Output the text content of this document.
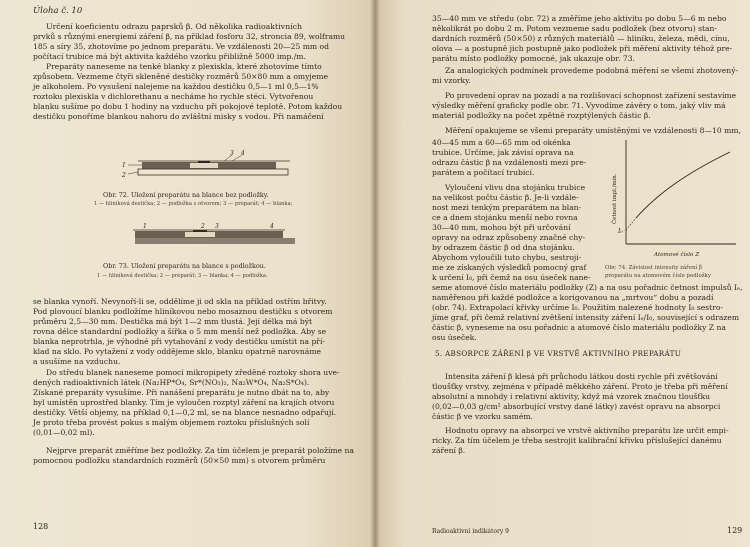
Úloha č. 10
Určení koeficientu odrazu paprsků β. Od několika radioaktivních
prvků s různými energiemi záření β, na příklad fosforu 32, stroncia 89, wolframu
185 a síry 35, zhotovíme po jednom preparátu. Ve vzdálenosti 20—25 mm od
počítací trubice má být aktivita každého vzorku přibližně 5000 imp./m.
Preparáty naneseme na tenké blanky z plexiskla, které zhotovíme tímto
způsobem. Vezmeme čtyři skleněné destičky rozměrů 50×80 mm a omyjeme
je alkoholem. Po vysušení nalejeme na každou destičku 0,5—1 ml 0,5—1%
roztoku plexiskla v dichlorethanu a necháme ho rychle stéci. Vytvořenou
blanku sušíme po dobu 1 hodiny na vzduchu při pokojové teplotě. Potom každou
destičku ponoříme blankou nahoru do zvláštní misky s vodou. Při namáčení
1
2
3 4
Obr. 72. Uložení preparátu na blance bez podložky.
1 — hliníková destička; 2 — podložka s otvorem; 3 — preparát; 4 — blanka;
1	2 3	4
Obr. 73. Uložení preparátu na blance s podložkou.
1 — hliníková destička; 2 — preparát; 3 — blanka; 4 — podložka.
se blanka vynoří. Nevynoří-li se, oddělíme ji od skla na příklad ostřím břitvy.
Pod plovoucí blanku podložíme hliníkovou nebo mosaznou destičku s otvorem
průměru 2,5—30 mm. Destička má být 1—2 mm tlustá. Její délka má být
rovna délce standardní podložky a šířka o 5 mm menší než podložka. Aby se
blanka neprotrhla, je výhodné při vytahování z vody destičku umístit na pří-
klad na sklo. Po vytažení z vody oddějeme sklo, blanku opatrně narovnáme
a usušíme na vzduchu.
Do středu blanek naneseme pomocí mikropipety zředěné roztoky shora uve-
dených radioaktivních látek (Na₂HP*O₄, Sr*(NO₃)₂, Na₂W*O₄, Na₂S*O₄).
Získané preparáty vysušíme. Při nanášení preparátu je nutno dbát na to, aby
byl umístěn uprostřed blanky. Tím je vyloučen rozptyl záření na krajích otvoru
destičky. Větší objemy, na příklad 0,1—0,2 ml, se na blance nesnadno odpařují.
Je proto třeba provést pokus s malým objemem roztoku příslušných solí
(0,01—0,02 ml).
Nejprve preparát změříme bez podložky. Za tím účelem je preparát položíme na
pomocnou podložku standardních rozměrů (50×50 mm) s otvorem průměru
128
35—40 mm ve středu (obr. 72) a změříme jeho aktivitu po dobu 5—6 m nebo
několikrát po dobu 2 m. Potom vezmeme sadu podložek (bez otvoru) stan-
dardních rozměrů (50×50) z různých materiálů — hliníku, železa, mědi, cínu,
olova — a postupně jich postupně jako podložek při měření aktivity téhož pre-
parátu místo podložky pomocné, jak ukazuje obr. 73.
Za analogických podmínek provedeme podobná měření se všemi zhotovený-
mi vzorky.
Po provedení oprav na pozadí a na rozlišovací schopnost zařízení sestavíme
výsledky měření graficky podle obr. 71. Vyvodíme závěry o tom, jaký vliv má
materiál podložky na počet zpětně rozptýlených částic β.
Měření opakujeme se všemi preparáty umístěnými ve vzdálenosti 8—10 mm,
40—45 mm a 60—65 mm od okénka
trubice. Určíme, jak závisí oprava na
odrazu částic β na vzdálenosti mezi pre-
parátem a počítací trubicí.
Vyloučení vlivu dna stojánku trubice
na velikost počtu částic β. Je-li vzdále-
nost mezi tenkým preparátem na blan-
ce a dnem stojánku menší nebo rovna
30—40 mm, mohou být při určování
opravy na odraz způsobeny značné chy-
by odrazem částic β od dna stojánku.
Abychom vyloučili tuto chybu, sestroji-
me ze získaných výsledků pomocný graf
k určení I₀, při čemž na osu úseček nane-
I₀
Četnost impl./min.
Atomové číslo Z
Obr. 74. Závislost intensity záření β
preparátu na atomovém čísle podložky
seme atomové číslo materiálu podložky (Z) a na osu pořadnic četnost impulsů Iₑ,
naměřenou při každé podložce a korigovanou na „mrtvou“ dobu a pozadí
(obr. 74). Extrapolací křivky určíme I₀. Použitím nalezené hodnoty I₀ sestro-
jíme graf, při čemž relativní zvětšení intensity záření Iₑ/I₀, související s odrazem
částic β, vyneseme na osu pořadnic a atomové číslo materiálu podložky Z na
osu úseček.
5. ABSORPCE ZÁŘENÍ β VE VRSTVĚ AKTIVNÍHO PREPARÁTU
Intensita záření β klesá při průchodu látkou dosti rychle při zvětšování
tloušťky vrstvy, zejména v případě měkkého záření. Proto je třeba při měření
absolutní a mnohdy i relativní aktivity, když má vzorek značnou tloušťku
(0,02—0,03 g/cm² absorbující vrstvy dané látky) zavést opravu na absorpci
částic β ve vzorku samém.
Hodnotu opravy na absorpci ve vrstvě aktivního preparátu lze určit empi-
ricky. Za tím účelem je třeba sestrojit kalibrační křivku příslušející danému
záření β.
Radioaktivní indikátory 9	129
